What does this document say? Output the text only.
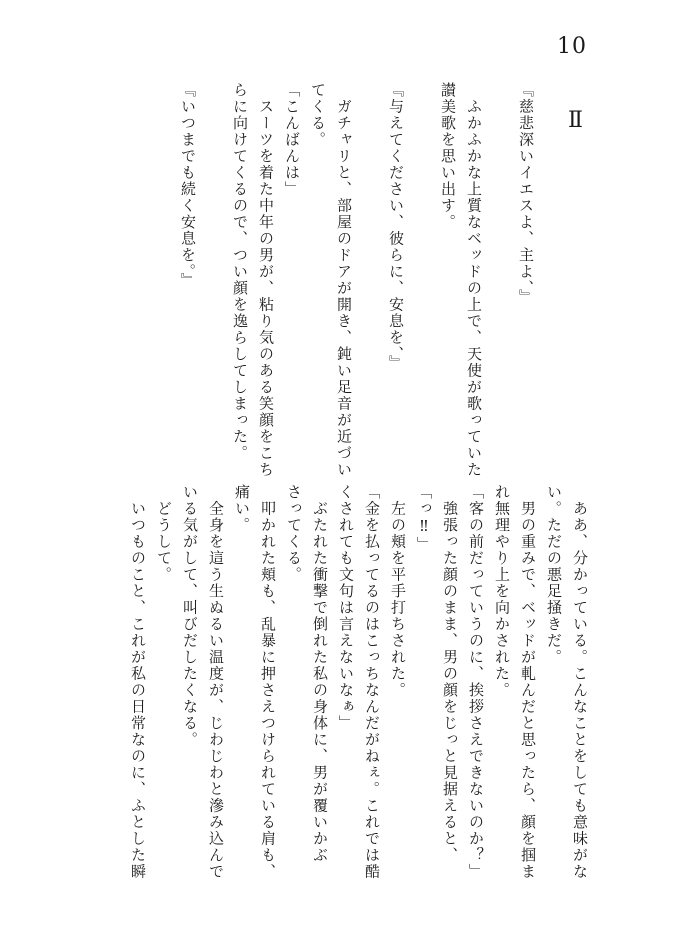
10
Ⅱ
『慈悲深いイエスよ、主よ、』
　ふかふかな上質なベッドの上で、天使が歌っていた
讃美歌を思い出す。
『与えてください、彼らに、安息を、』
　ガチャリと、部屋のドアが開き、鈍い足音が近づい
てくる。
「こんばんは」
　スーツを着た中年の男が、粘り気のある笑顔をこち
らに向けてくるので、つい顔を逸らしてしまった。
『いつまでも続く安息を。』
　ああ、分かっている。こんなことをしても意味がな
い。ただの悪足掻きだ。
　男の重みで、ベッドが軋んだと思ったら、顔を掴ま
れ無理やり上を向かされた。
「客の前だっていうのに、挨拶さえできないのか？」
　強張った顔のまま、男の顔をじっと見据えると、
「っ‼」
　左の頬を平手打ちされた。
「金を払ってるのはこっちなんだがねぇ。これでは酷
くされても文句は言えないなぁ」
　ぶたれた衝撃で倒れた私の身体に、男が覆いかぶ
さってくる。
　叩かれた頬も、乱暴に押さえつけられている肩も、
痛い。
　全身を這う生ぬるい温度が、じわじわと滲み込んで
いる気がして、叫びだしたくなる。
　どうして。
　いつものこと、これが私の日常なのに、ふとした瞬
